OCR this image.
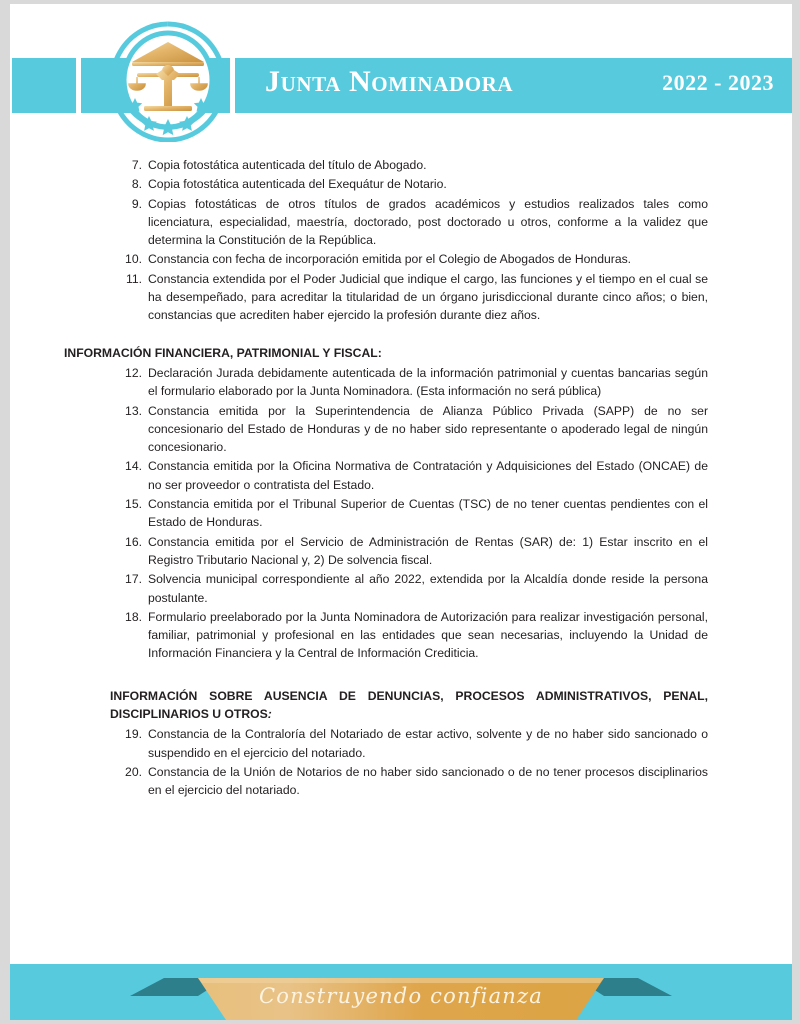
Junta Nominadora	2022 - 2023
7. Copia fotostática autenticada del título de Abogado.
8. Copia fotostática autenticada del Exequátur de Notario.
9. Copias fotostáticas de otros títulos de grados académicos y estudios realizados tales como licenciatura, especialidad, maestría, doctorado, post doctorado u otros, conforme a la validez que determina la Constitución de la República.
10. Constancia con fecha de incorporación emitida por el Colegio de Abogados de Honduras.
11. Constancia extendida por el Poder Judicial que indique el cargo, las funciones y el tiempo en el cual se ha desempeñado, para acreditar la titularidad de un órgano jurisdiccional durante cinco años; o bien, constancias que acrediten haber ejercido la profesión durante diez años.

INFORMACIÓN FINANCIERA, PATRIMONIAL Y FISCAL:

12. Declaración Jurada debidamente autenticada de la información patrimonial y cuentas bancarias según el formulario elaborado por la Junta Nominadora. (Esta información no será pública)
13. Constancia emitida por la Superintendencia de Alianza Público Privada (SAPP) de no ser concesionario del Estado de Honduras y de no haber sido representante o apoderado legal de ningún concesionario.
14. Constancia emitida por la Oficina Normativa de Contratación y Adquisiciones del Estado (ONCAE) de no ser proveedor o contratista del Estado.
15. Constancia emitida por el Tribunal Superior de Cuentas (TSC) de no tener cuentas pendientes con el Estado de Honduras.
16. Constancia emitida por el Servicio de Administración de Rentas (SAR) de: 1) Estar inscrito en el Registro Tributario Nacional y, 2) De solvencia fiscal.
17. Solvencia municipal correspondiente al año 2022, extendida por la Alcaldía donde reside la persona postulante.
18. Formulario preelaborado por la Junta Nominadora de Autorización para realizar investigación personal, familiar, patrimonial y profesional en las entidades que sean necesarias, incluyendo la Unidad de Información Financiera y la Central de Información Crediticia.

INFORMACIÓN SOBRE AUSENCIA DE DENUNCIAS, PROCESOS ADMINISTRATIVOS, PENAL,
DISCIPLINARIOS U OTROS:

19. Constancia de la Contraloría del Notariado de estar activo, solvente y de no haber sido sancionado o suspendido en el ejercicio del notariado.
20. Constancia de la Unión de Notarios de no haber sido sancionado o de no tener procesos disciplinarios en el ejercicio del notariado.
Construyendo confianza
